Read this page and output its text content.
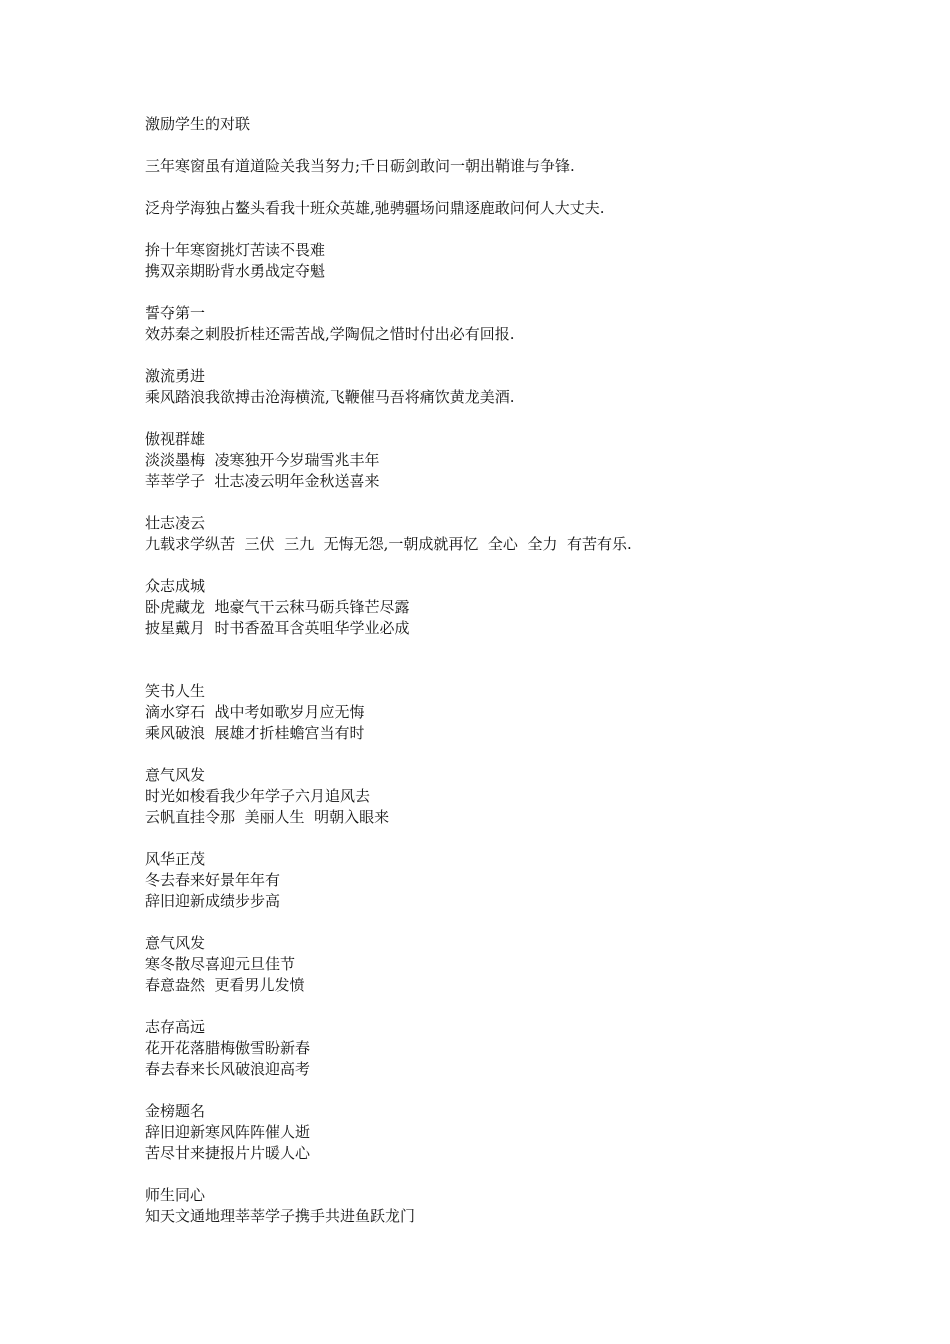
激励学生的对联
三年寒窗虽有道道险关我当努力;千日砺剑敢问一朝出鞘谁与争锋.
泛舟学海独占鳌头看我十班众英雄,驰骋疆场问鼎逐鹿敢问何人大丈夫.
拚十年寒窗挑灯苦读不畏难
携双亲期盼背水勇战定夺魁
誓夺第一
效苏秦之刺股折桂还需苦战,学陶侃之惜时付出必有回报.
激流勇进
乘风踏浪我欲搏击沧海横流,飞鞭催马吾将痛饮黄龙美酒.
傲视群雄
淡淡墨梅  凌寒独开今岁瑞雪兆丰年
莘莘学子  壮志凌云明年金秋送喜来
壮志凌云
九载求学纵苦  三伏  三九  无悔无怨,一朝成就再忆  全心  全力  有苦有乐.
众志成城
卧虎藏龙  地豪气干云秣马砺兵锋芒尽露
披星戴月  时书香盈耳含英咀华学业必成
笑书人生
滴水穿石  战中考如歌岁月应无悔
乘风破浪  展雄才折桂蟾宫当有时
意气风发
时光如梭看我少年学子六月追风去
云帆直挂令那  美丽人生  明朝入眼来
风华正茂
冬去春来好景年年有
辞旧迎新成绩步步高
意气风发
寒冬散尽喜迎元旦佳节
春意盎然  更看男儿发愤
志存高远
花开花落腊梅傲雪盼新春
春去春来长风破浪迎高考
金榜题名
辞旧迎新寒风阵阵催人逝
苦尽甘来捷报片片暖人心
师生同心
知天文通地理莘莘学子携手共进鱼跃龙门
